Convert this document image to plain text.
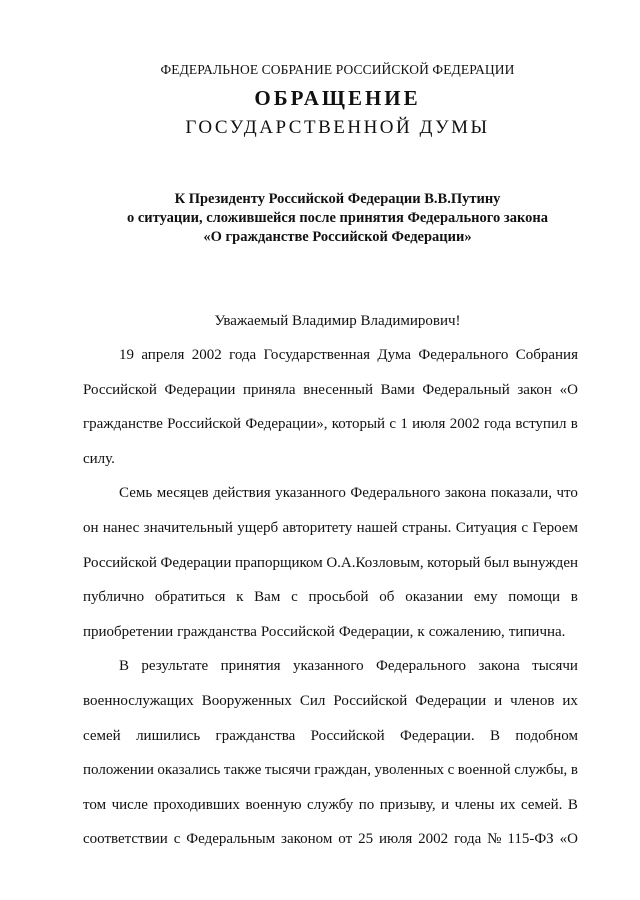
ФЕДЕРАЛЬНОЕ СОБРАНИЕ РОССИЙСКОЙ ФЕДЕРАЦИИ
ОБРАЩЕНИЕ
ГОСУДАРСТВЕННОЙ ДУМЫ
К Президенту Российской Федерации В.В.Путину
о ситуации, сложившейся после принятия Федерального закона
«О гражданстве Российской Федерации»
Уважаемый Владимир Владимирович!
19 апреля 2002 года Государственная Дума Федерального Собрания
Российской Федерации приняла внесенный Вами Федеральный закон «О
гражданстве Российской Федерации», который с 1 июля 2002 года вступил в
силу.
Семь месяцев действия указанного Федерального закона показали, что
он нанес значительный ущерб авторитету нашей страны. Ситуация с Героем
Российской Федерации прапорщиком О.А.Козловым, который был вынужден
публично обратиться к Вам с просьбой об оказании ему помощи в
приобретении гражданства Российской Федерации, к сожалению, типична.
В результате принятия указанного Федерального закона тысячи
военнослужащих Вооруженных Сил Российской Федерации и членов их
семей лишились гражданства Российской Федерации. В подобном
положении оказались также тысячи граждан, уволенных с военной службы, в
том числе проходивших военную службу по призыву, и члены их семей. В
соответствии с Федеральным законом от 25 июля 2002 года № 115-ФЗ «О
